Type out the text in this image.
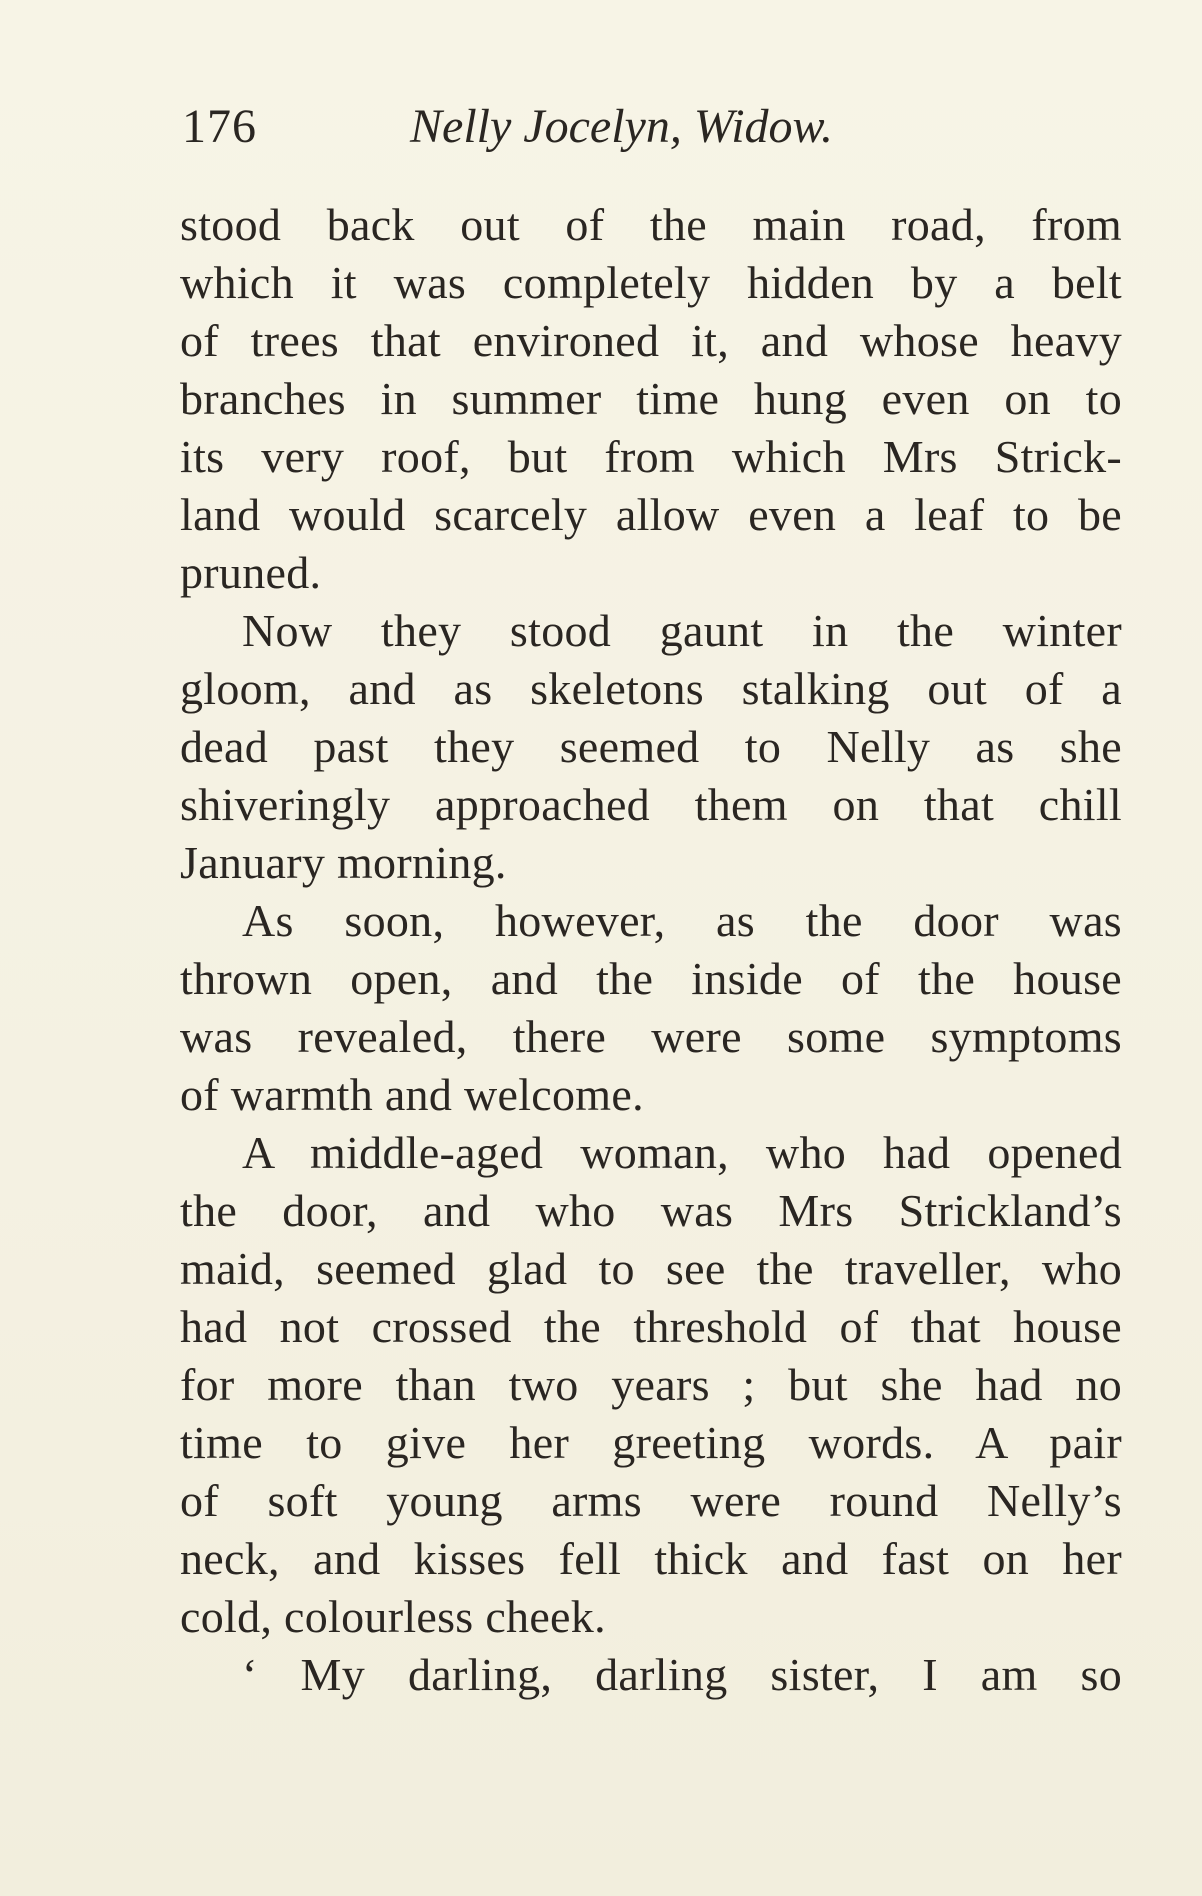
176	Nelly Jocelyn, Widow.
stood back out of the main road, from
which it was completely hidden by a belt
of trees that environed it, and whose heavy
branches in summer time hung even on to
its very roof, but from which Mrs Strick-
land would scarcely allow even a leaf to be
pruned.
Now they stood gaunt in the winter
gloom, and as skeletons stalking out of a
dead past they seemed to Nelly as she
shiveringly approached them on that chill
January morning.
As soon, however, as the door was
thrown open, and the inside of the house
was revealed, there were some symptoms
of warmth and welcome.
A middle-aged woman, who had opened
the door, and who was Mrs Strickland’s
maid, seemed glad to see the traveller, who
had not crossed the threshold of that house
for more than two years ; but she had no
time to give her greeting words. A pair
of soft young arms were round Nelly’s
neck, and kisses fell thick and fast on her
cold, colourless cheek.
‘ My darling, darling sister, I am so
